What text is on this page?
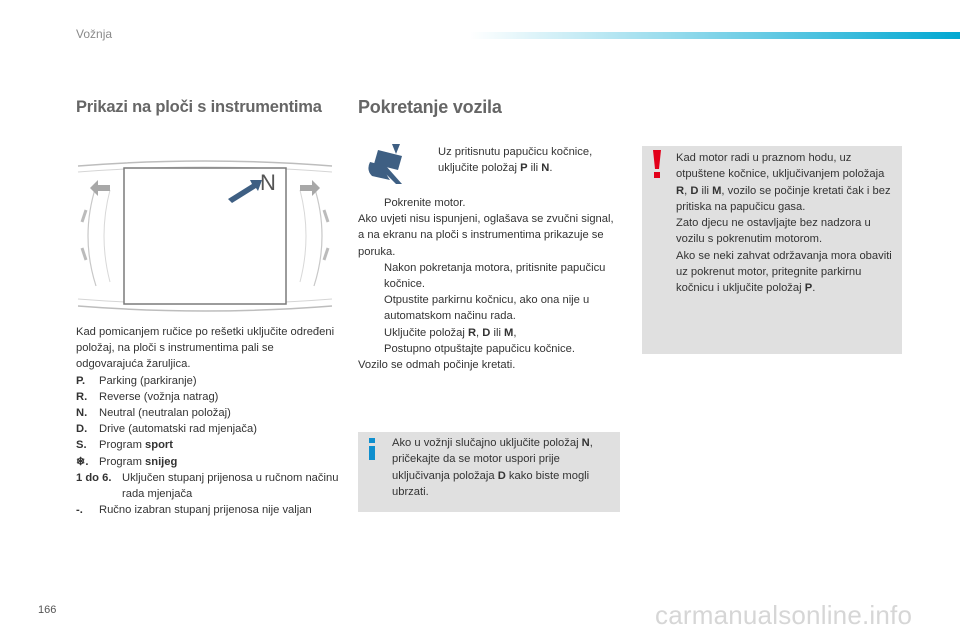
Vožnja
Prikazi na ploči s instrumentima Pokretanje vozila
N
Kad pomicanjem ručice po rešetki uključite određeni položaj, na ploči s instrumentima pali se odgovarajuća žaruljica.
P.	Parking (parkiranje)
R.	Reverse (vožnja natrag)
N.	Neutral (neutralan položaj)
D.	Drive (automatski rad mjenjača)
S.	Program sport
❄. Program snijeg
1 do 6. Uključen stupanj prijenosa u ručnom načinu rada mjenjača
-.	Ručno izabran stupanj prijenosa nije valjan
Uz pritisnutu papučicu kočnice, uključite položaj P ili N.
Pokrenite motor.
Ako uvjeti nisu ispunjeni, oglašava se zvučni signal, a na ekranu na ploči s instrumentima prikazuje se poruka.
Nakon pokretanja motora, pritisnite papučicu kočnice.
Otpustite parkirnu kočnicu, ako ona nije u automatskom načinu rada.
Uključite položaj R, D ili M,
Postupno otpuštajte papučicu kočnice.
Vozilo se odmah počinje kretati.
Ako u vožnji slučajno uključite položaj N, pričekajte da se motor uspori prije uključivanja položaja D kako biste mogli ubrzati.
Kad motor radi u praznom hodu, uz otpuštene kočnice, uključivanjem položaja R, D ili M, vozilo se počinje kretati čak i bez pritiska na papučicu gasa.
Zato djecu ne ostavljajte bez nadzora u vozilu s pokrenutim motorom.
Ako se neki zahvat održavanja mora obaviti uz pokrenut motor, pritegnite parkirnu kočnicu i uključite položaj P.
166	carmanualsonline.info
